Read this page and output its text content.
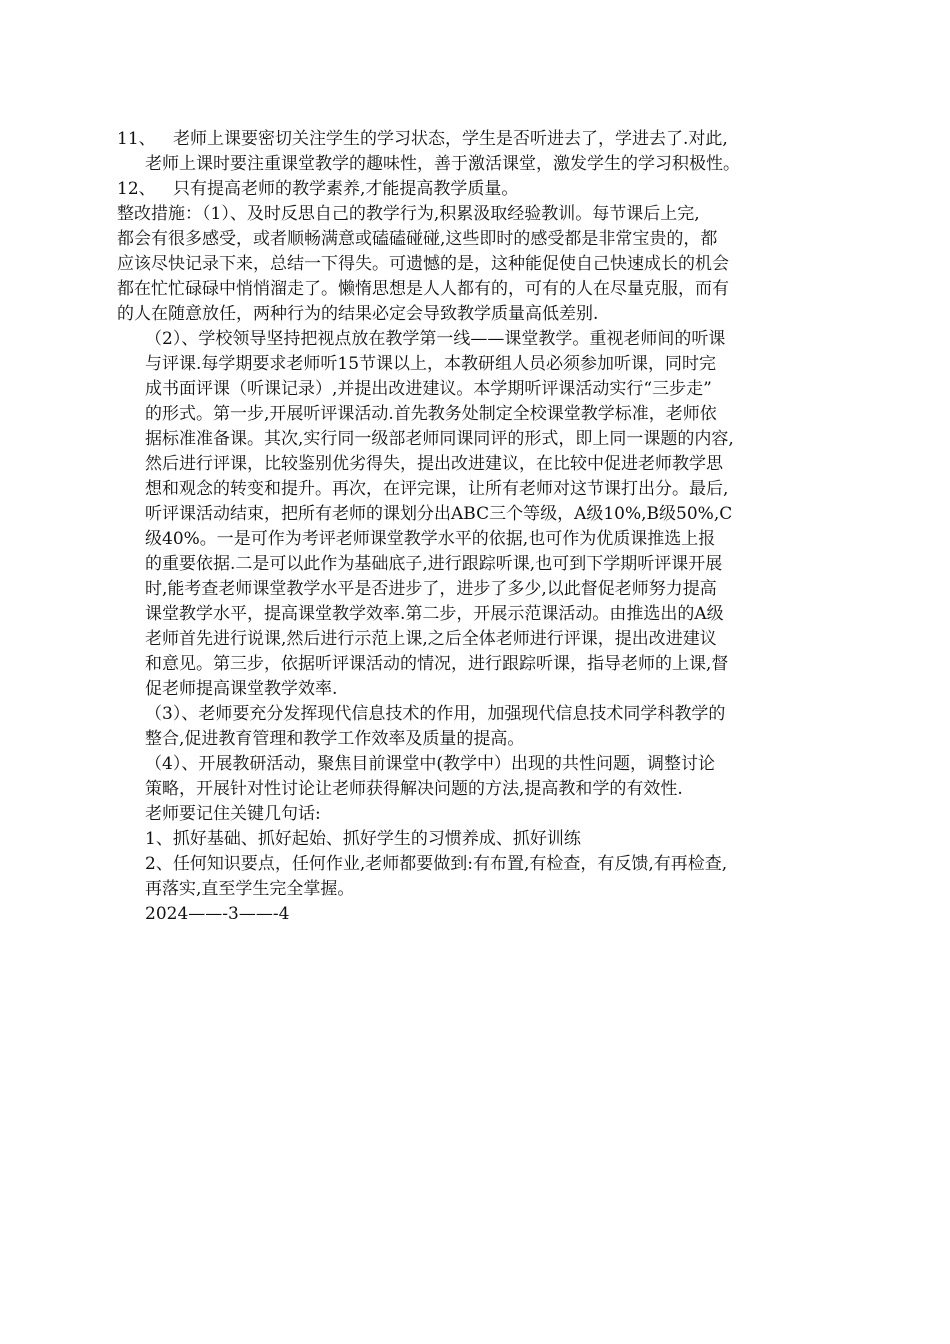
11、 老师上课要密切关注学生的学习状态，学生是否听进去了，学进去了.对此,
老师上课时要注重课堂教学的趣味性，善于激活课堂，激发学生的学习积极性。
12、 只有提高老师的教学素养,才能提高教学质量。
整改措施：（1）、及时反思自己的教学行为,积累汲取经验教训。每节课后上完,
都会有很多感受，或者顺畅满意或磕磕碰碰,这些即时的感受都是非常宝贵的，都
应该尽快记录下来，总结一下得失。可遗憾的是，这种能促使自己快速成长的机会
都在忙忙碌碌中悄悄溜走了。懒惰思想是人人都有的，可有的人在尽量克服，而有
的人在随意放任，两种行为的结果必定会导致教学质量高低差别.
（2）、学校领导坚持把视点放在教学第一线——课堂教学。重视老师间的听课
与评课.每学期要求老师听15节课以上，本教研组人员必须参加听课，同时完
成书面评课（听课记录）,并提出改进建议。本学期听评课活动实行“三步走”
的形式。第一步,开展听评课活动.首先教务处制定全校课堂教学标准，老师依
据标准准备课。其次,实行同一级部老师同课同评的形式，即上同一课题的内容,
然后进行评课，比较鉴别优劣得失，提出改进建议，在比较中促进老师教学思
想和观念的转变和提升。再次，在评完课，让所有老师对这节课打出分。最后,
听评课活动结束，把所有老师的课划分出ABC三个等级，A级10%,B级50%,C
级40%。一是可作为考评老师课堂教学水平的依据,也可作为优质课推选上报
的重要依据.二是可以此作为基础底子,进行跟踪听课,也可到下学期听评课开展
时,能考查老师课堂教学水平是否进步了，进步了多少,以此督促老师努力提高
课堂教学水平，提高课堂教学效率.第二步，开展示范课活动。由推选出的A级
老师首先进行说课,然后进行示范上课,之后全体老师进行评课，提出改进建议
和意见。第三步，依据听评课活动的情况，进行跟踪听课，指导老师的上课,督
促老师提高课堂教学效率.
（3）、老师要充分发挥现代信息技术的作用，加强现代信息技术同学科教学的
整合,促进教育管理和教学工作效率及质量的提高。
（4）、开展教研活动，聚焦目前课堂中(教学中）出现的共性问题，调整讨论
策略，开展针对性讨论让老师获得解决问题的方法,提高教和学的有效性.
老师要记住关键几句话:
1、抓好基础、抓好起始、抓好学生的习惯养成、抓好训练
2、任何知识要点，任何作业,老师都要做到:有布置,有检查，有反馈,有再检查,
再落实,直至学生完全掌握。
2024——-3——-4
